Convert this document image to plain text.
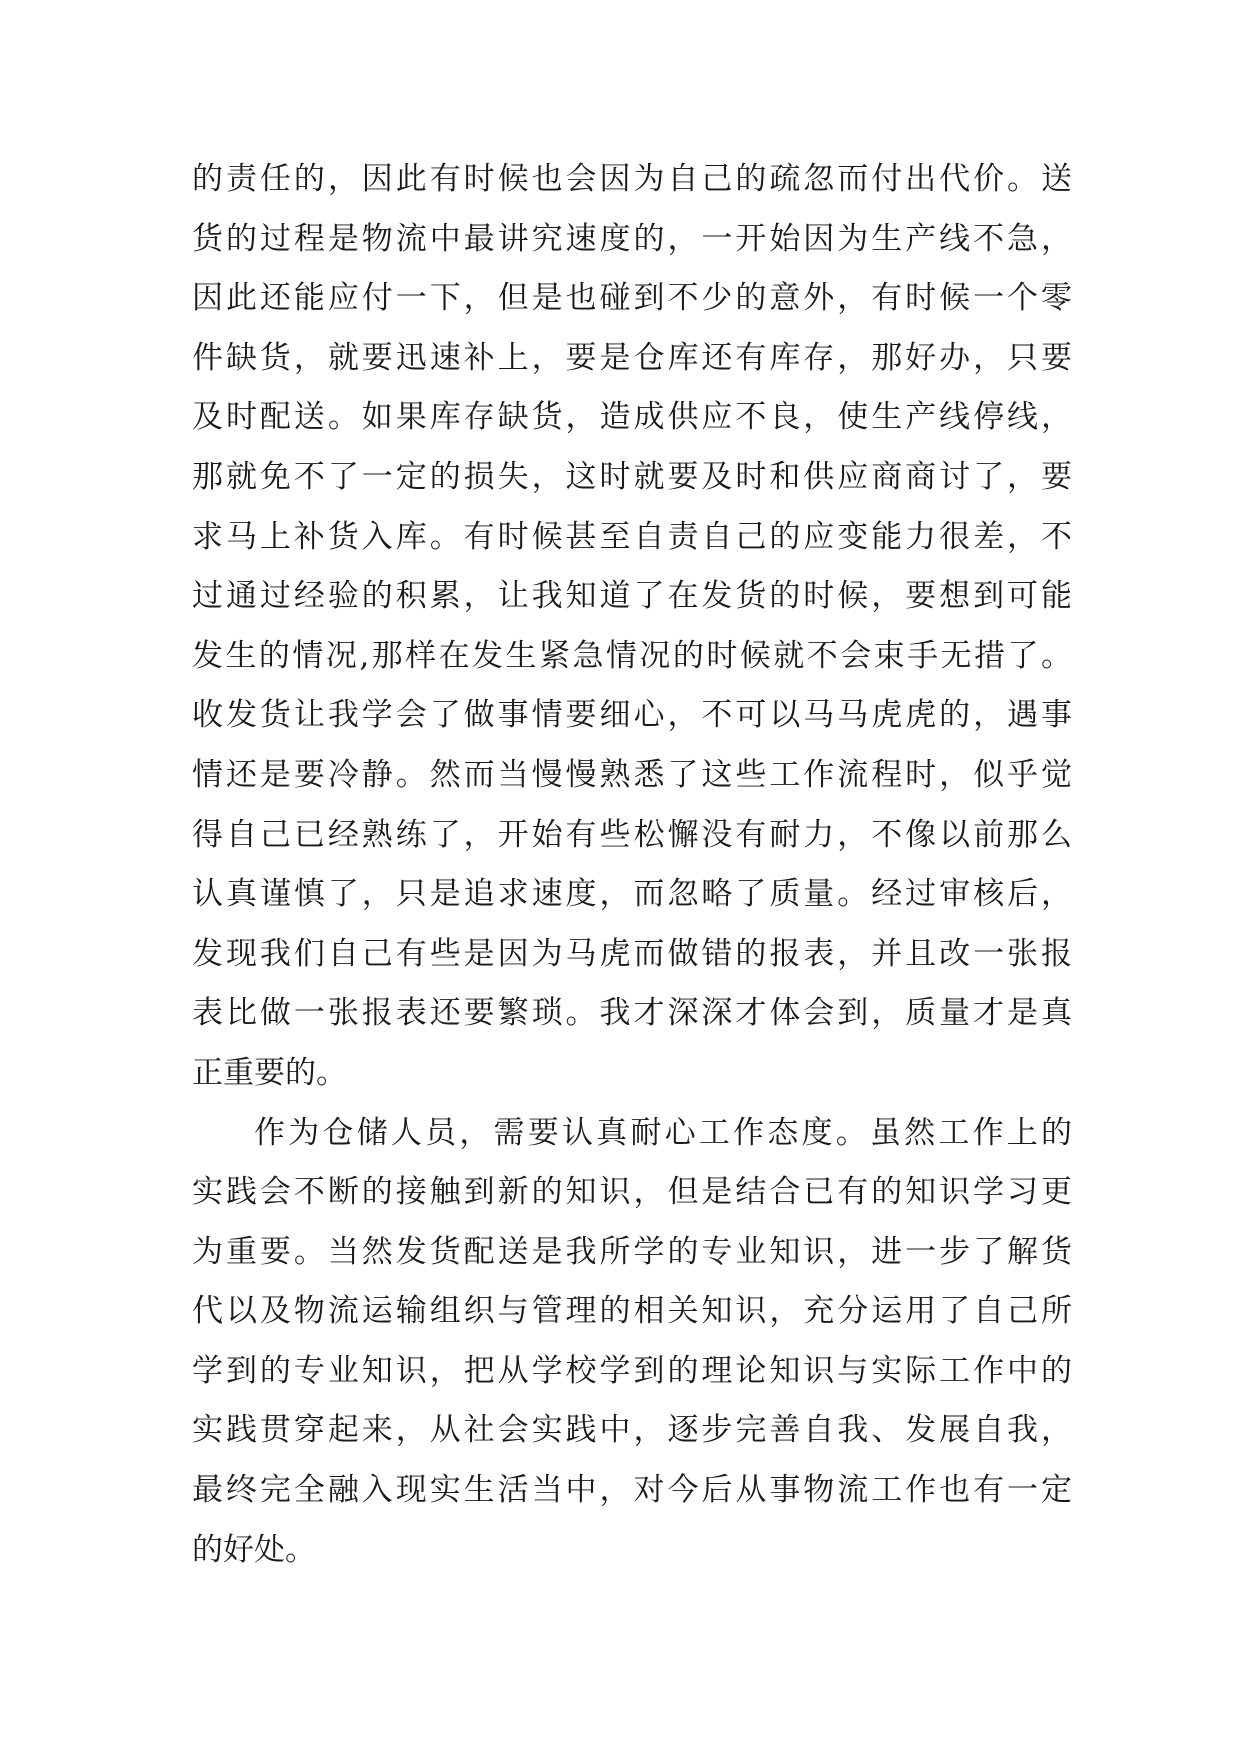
的责任的，因此有时候也会因为自己的疏忽而付出代价。送
货的过程是物流中最讲究速度的，一开始因为生产线不急，
因此还能应付一下，但是也碰到不少的意外，有时候一个零
件缺货，就要迅速补上，要是仓库还有库存，那好办，只要
及时配送。如果库存缺货，造成供应不良，使生产线停线，
那就免不了一定的损失，这时就要及时和供应商商讨了，要
求马上补货入库。有时候甚至自责自己的应变能力很差，不
过通过经验的积累，让我知道了在发货的时候，要想到可能
发生的情况,那样在发生紧急情况的时候就不会束手无措了。
收发货让我学会了做事情要细心，不可以马马虎虎的，遇事
情还是要冷静。然而当慢慢熟悉了这些工作流程时，似乎觉
得自己已经熟练了，开始有些松懈没有耐力，不像以前那么
认真谨慎了，只是追求速度，而忽略了质量。经过审核后，
发现我们自己有些是因为马虎而做错的报表，并且改一张报
表比做一张报表还要繁琐。我才深深才体会到，质量才是真
正重要的。
作为仓储人员，需要认真耐心工作态度。虽然工作上的
实践会不断的接触到新的知识，但是结合已有的知识学习更
为重要。当然发货配送是我所学的专业知识，进一步了解货
代以及物流运输组织与管理的相关知识，充分运用了自己所
学到的专业知识，把从学校学到的理论知识与实际工作中的
实践贯穿起来，从社会实践中，逐步完善自我、发展自我，
最终完全融入现实生活当中，对今后从事物流工作也有一定
的好处。
